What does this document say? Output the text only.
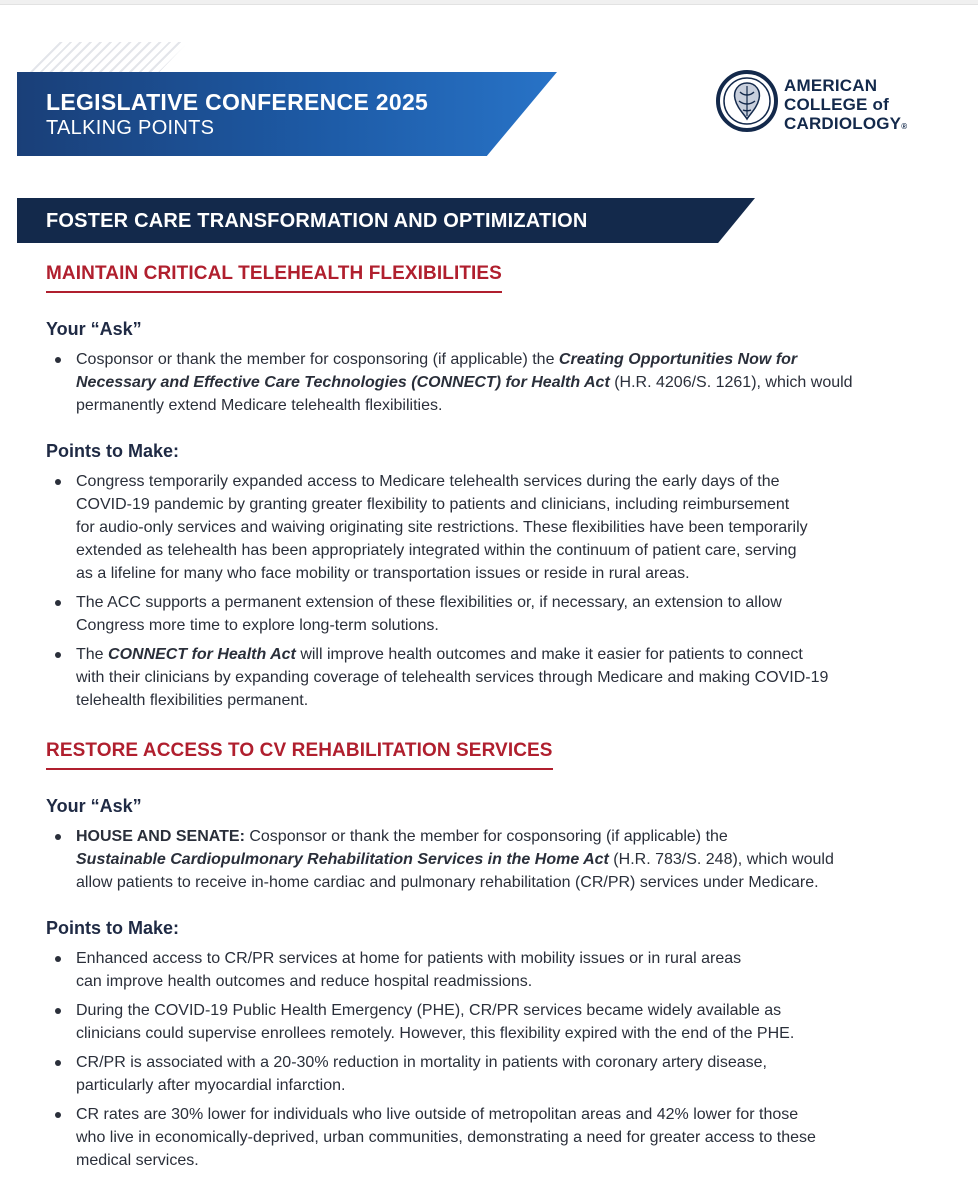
LEGISLATIVE CONFERENCE 2025
TALKING POINTS
AMERICAN
COLLEGE of
CARDIOLOGY®
FOSTER CARE TRANSFORMATION AND OPTIMIZATION
MAINTAIN CRITICAL TELEHEALTH FLEXIBILITIES
Your “Ask”
Cosponsor or thank the member for cosponsoring (if applicable) the Creating Opportunities Now for
Necessary and Effective Care Technologies (CONNECT) for Health Act (H.R. 4206/S. 1261), which would
permanently extend Medicare telehealth flexibilities.
Points to Make:
Congress temporarily expanded access to Medicare telehealth services during the early days of the
COVID-19 pandemic by granting greater flexibility to patients and clinicians, including reimbursement
for audio-only services and waiving originating site restrictions. These flexibilities have been temporarily
extended as telehealth has been appropriately integrated within the continuum of patient care, serving
as a lifeline for many who face mobility or transportation issues or reside in rural areas.
The ACC supports a permanent extension of these flexibilities or, if necessary, an extension to allow
Congress more time to explore long-term solutions.
The CONNECT for Health Act will improve health outcomes and make it easier for patients to connect
with their clinicians by expanding coverage of telehealth services through Medicare and making COVID-19
telehealth flexibilities permanent.
RESTORE ACCESS TO CV REHABILITATION SERVICES
Your “Ask”
HOUSE AND SENATE: Cosponsor or thank the member for cosponsoring (if applicable) the
Sustainable Cardiopulmonary Rehabilitation Services in the Home Act (H.R. 783/S. 248), which would
allow patients to receive in-home cardiac and pulmonary rehabilitation (CR/PR) services under Medicare.
Points to Make:
Enhanced access to CR/PR services at home for patients with mobility issues or in rural areas
can improve health outcomes and reduce hospital readmissions.
During the COVID-19 Public Health Emergency (PHE), CR/PR services became widely available as
clinicians could supervise enrollees remotely. However, this flexibility expired with the end of the PHE.
CR/PR is associated with a 20-30% reduction in mortality in patients with coronary artery disease,
particularly after myocardial infarction.
CR rates are 30% lower for individuals who live outside of metropolitan areas and 42% lower for those
who live in economically-deprived, urban communities, demonstrating a need for greater access to these
medical services.
